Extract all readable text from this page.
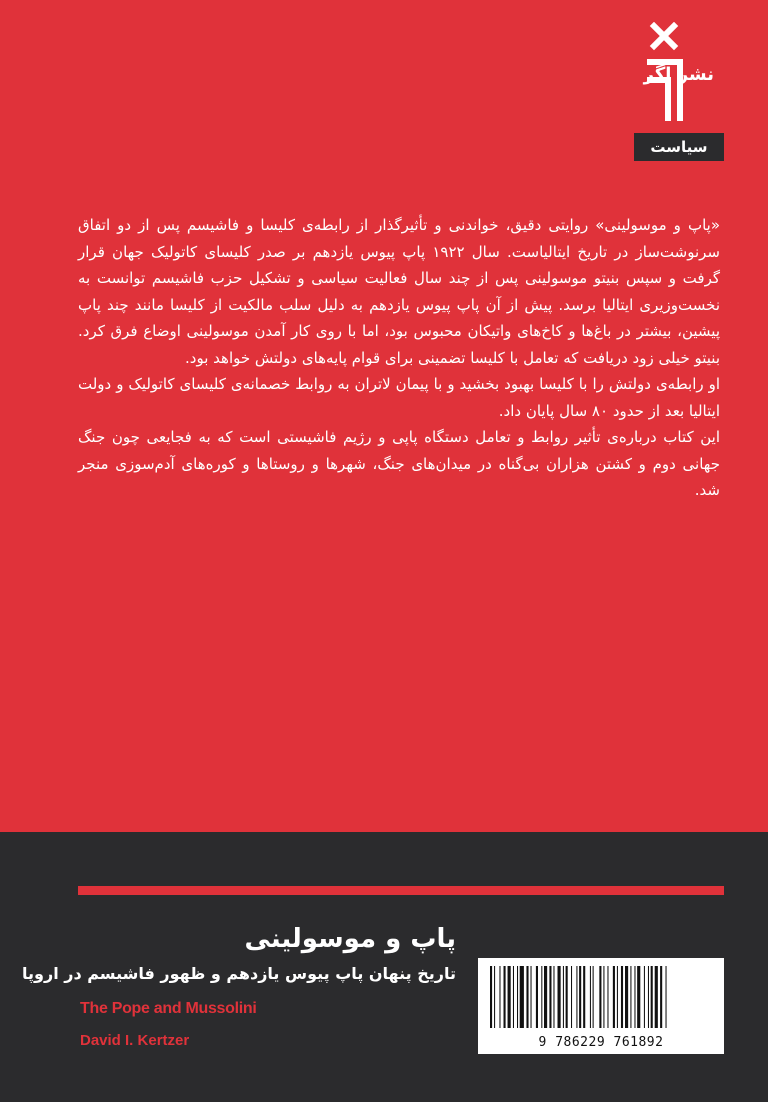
نشر اگر
سیاست

«پاپ و موسولینی» روایتی دقیق، خواندنی و تأثیرگذار از رابطه‌ی کلیسا و فاشیسم پس از دو اتفاق سرنوشت‌ساز در تاریخ ایتالیاست. سال ۱۹۲۲ پاپ پیوس یازدهم بر صدر کلیسای کاتولیک جهان قرار گرفت و سپس بنیتو موسولینی پس از چند سال فعالیت سیاسی و تشکیل حزب فاشیسم توانست به نخست‌وزیری ایتالیا برسد. پیش از آن پاپ پیوس یازدهم به دلیل سلب مالکیت از کلیسا مانند چند پاپ پیشین، بیشتر در باغ‌ها و کاخ‌های واتیکان محبوس بود، اما با روی کار آمدن موسولینی اوضاع فرق کرد. بنیتو خیلی زود دریافت که تعامل با کلیسا تضمینی برای قوام پایه‌های دولتش خواهد بود.

او رابطه‌ی دولتش را با کلیسا بهبود بخشید و با پیمان لاتران به روابط خصمانه‌ی کلیسای کاتولیک و دولت ایتالیا بعد از حدود ۸۰ سال پایان داد.

این کتاب درباره‌ی تأثیر روابط و تعامل دستگاه پاپی و رژیم فاشیستی است که به فجایعی چون جنگ جهانی دوم و کشتن هزاران بی‌گناه در میدان‌های جنگ، شهرها و روستاها و کوره‌های آدم‌سوزی منجر شد.

پاپ و موسولینی
تاریخ پنهان پاپ پیوس یازدهم و ظهور فاشیسم در اروپا
The Pope and Mussolini
David I. Kertzer	9 786229 761892
